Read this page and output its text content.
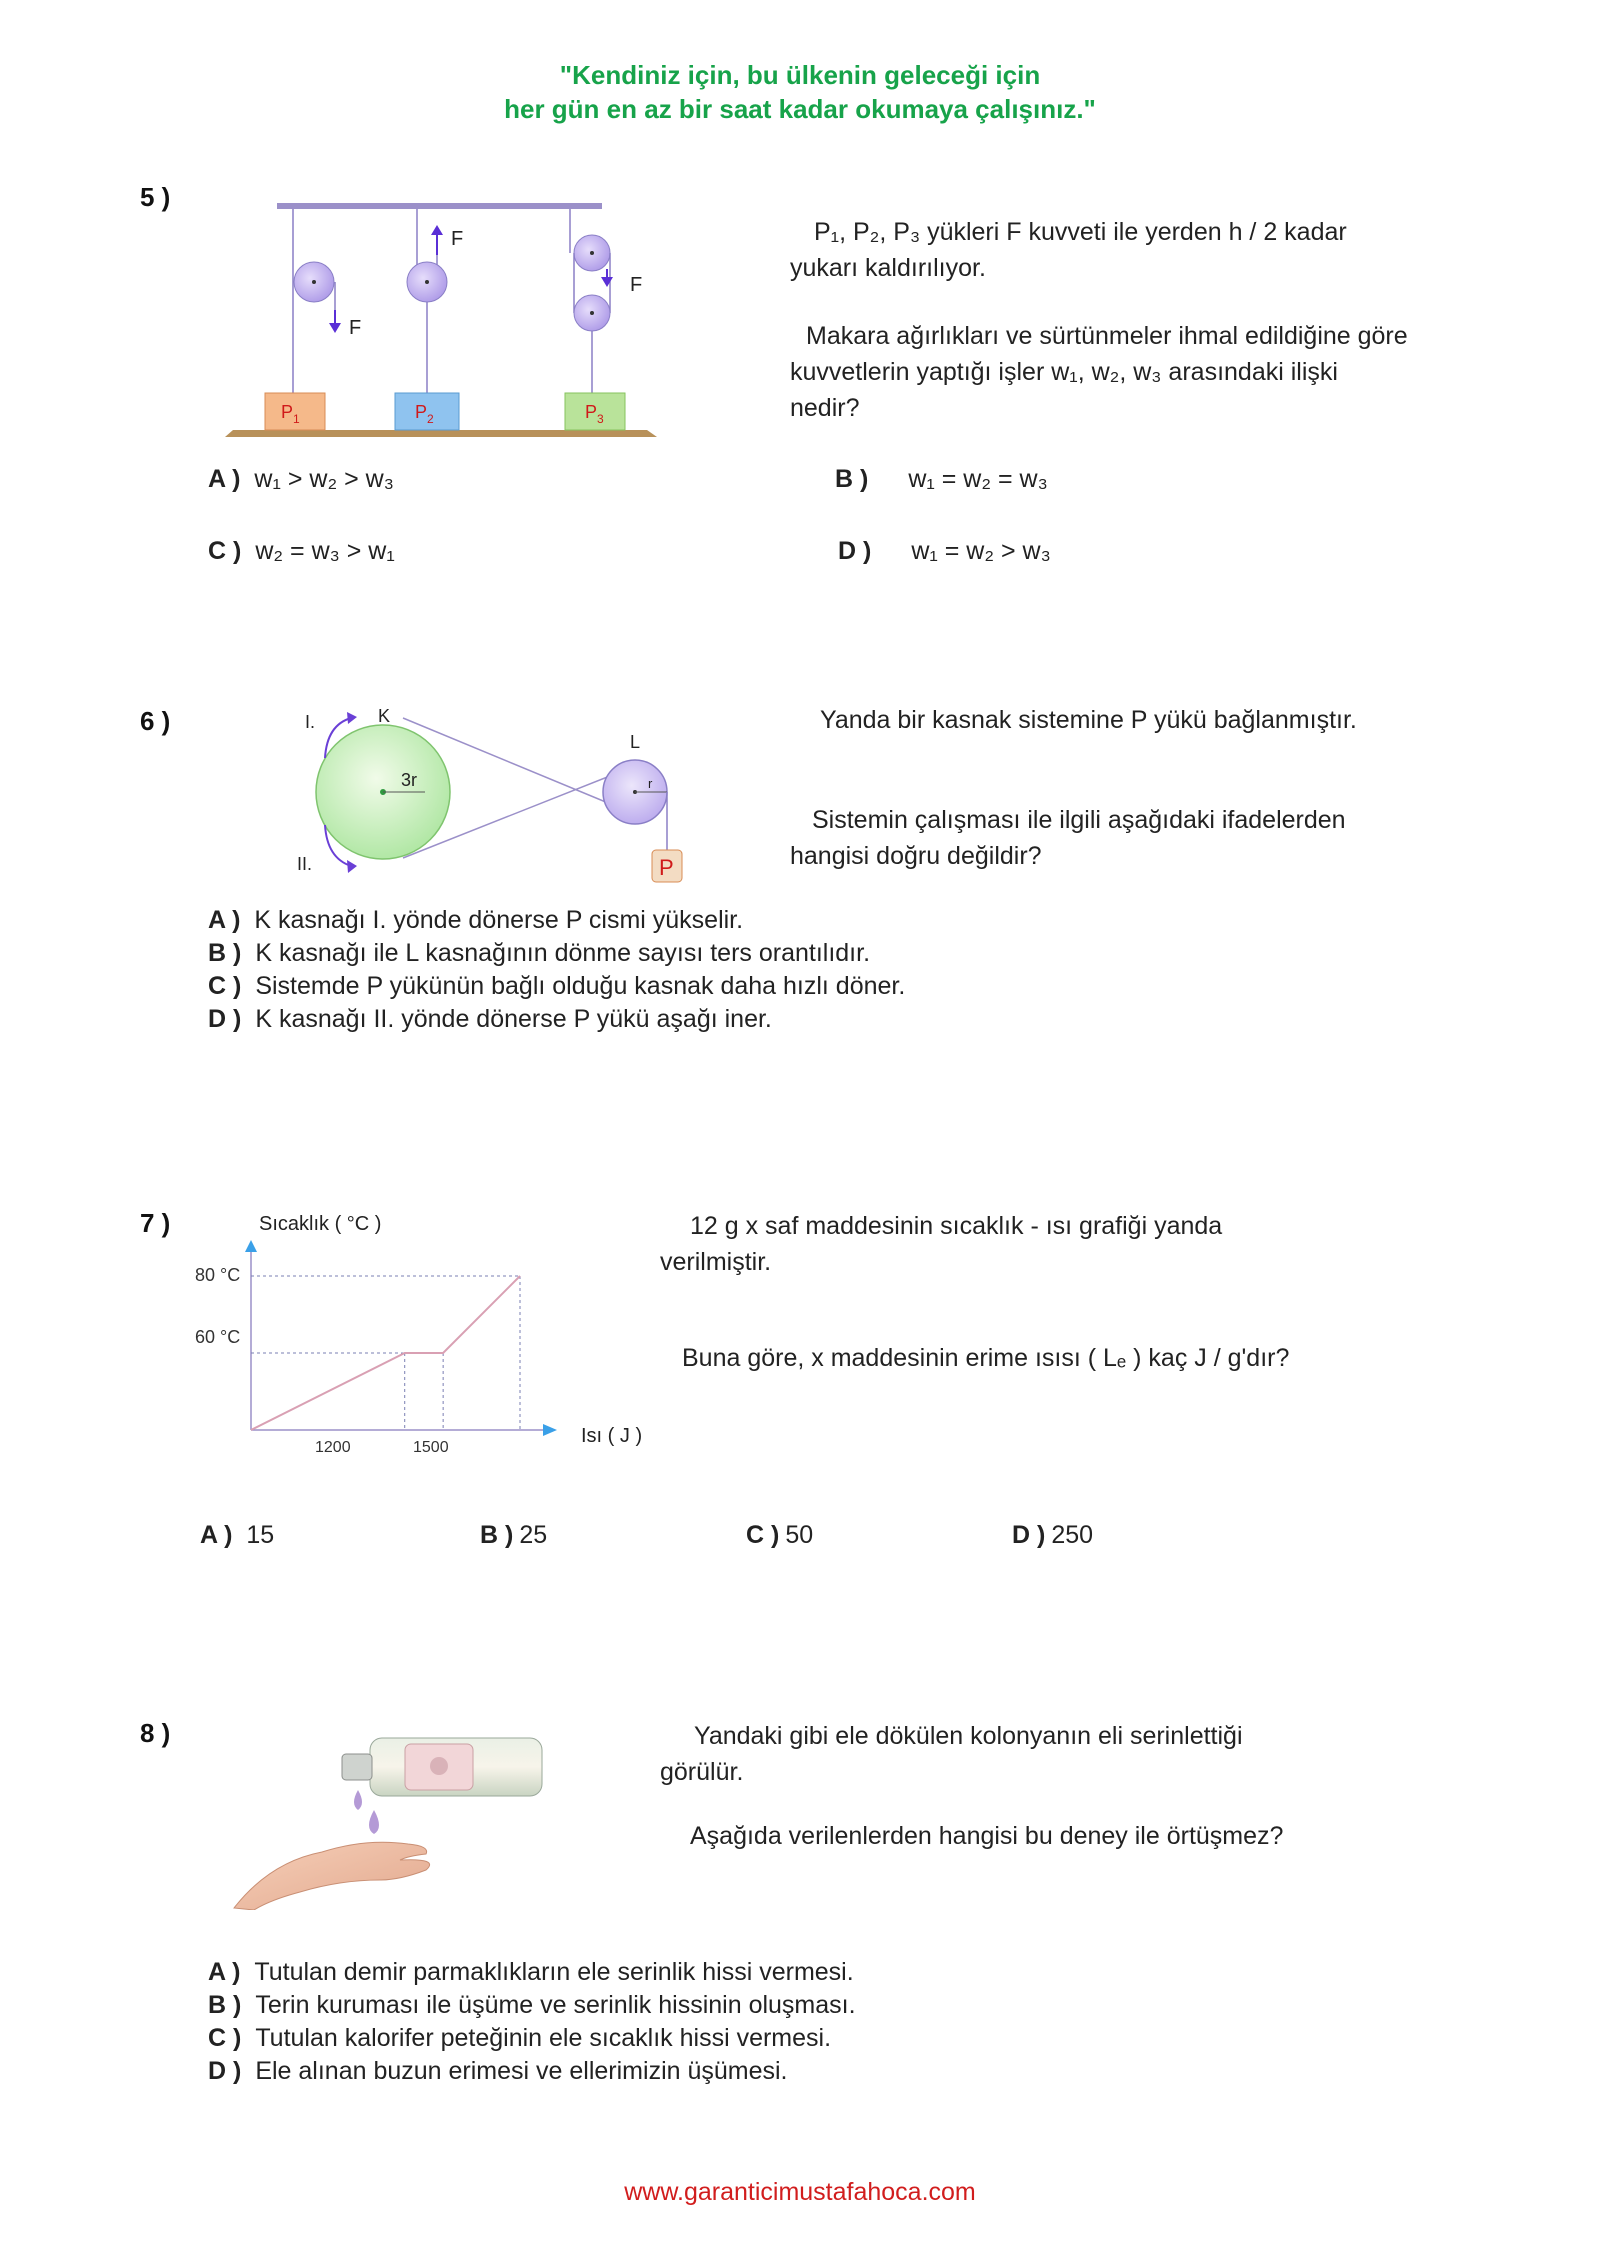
"Kendiniz için, bu ülkenin geleceği için
her gün en az bir saat kadar okumaya çalışınız."
5 )
F
F
F
$P_1$	$P_2$	$P_3$
P₁, P₂, P₃ yükleri F kuvveti ile yerden h / 2 kadar yukarı kaldırılıyor.
Makara ağırlıkları ve sürtünmeler ihmal edildiğine göre kuvvetlerin yaptığı işler w₁, w₂, w₃ arasındaki ilişki nedir?
A ) w₁ > w₂ > w₃	B ) w₁ = w₂ = w₃
C ) w₂ = w₃ > w₁	D ) w₁ = w₂ > w₃
6 )
3r
K
r
L
P
I.
II.
Yanda bir kasnak sistemine P yükü bağlanmıştır.
Sistemin çalışması ile ilgili aşağıdaki ifadelerden hangisi doğru değildir?
A ) K kasnağı I. yönde dönerse P cismi yükselir.
B ) K kasnağı ile L kasnağının dönme sayısı ters orantılıdır.
C ) Sistemde P yükünün bağlı olduğu kasnak daha hızlı döner.
D ) K kasnağı II. yönde dönerse P yükü aşağı iner.
7 )	Sıcaklık ( °C )
Isı ( J )
80 °C
60 °C
1200	1500
12 g x saf maddesinin sıcaklık - ısı grafiği yanda verilmiştir.
Buna göre, x maddesinin erime ısısı ( Lₑ ) kaç J / g'dır?
A ) 15	B ) 25	C ) 50	D ) 250
8 )	Yandaki gibi ele dökülen kolonyanın eli serinlettiği görülür.
Aşağıda verilenlerden hangisi bu deney ile örtüşmez?
A ) Tutulan demir parmaklıkların ele serinlik hissi vermesi.
B ) Terin kuruması ile üşüme ve serinlik hissinin oluşması.
C ) Tutulan kalorifer peteğinin ele sıcaklık hissi vermesi.
D ) Ele alınan buzun erimesi ve ellerimizin üşümesi.
www.garanticimustafahoca.com
